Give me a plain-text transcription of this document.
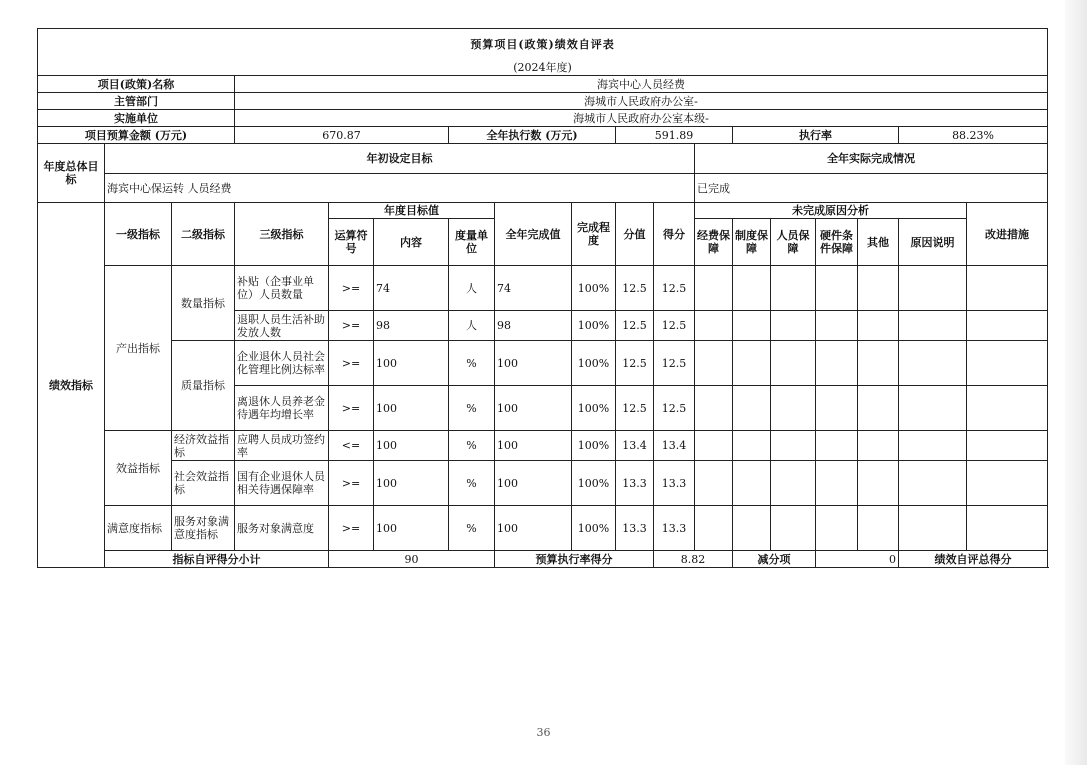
预算项目(政策)绩效自评表																		
(2024年度)																		
项目(政策)名称			海宾中心人员经费															
主管部门			海城市人民政府办公室-															
实施单位			海城市人民政府办公室本级-															
项目预算金额 (万元)			670.87			全年执行数 (万元)			591.89			执行率				88.23%		
年度总体目标	年初设定目标										全年实际完成情况							
	海宾中心保运转 人员经费										已完成							
绩效指标	一级指标	二级指标	三级指标	年度目标值			全年完成值	完成程度	分值	得分	未完成原因分析						改进措施	
				运算符号	内容	度量单位					经费保障	制度保障	人员保障	硬件条件保障	其他	原因说明		
	产出指标	数量指标	补贴（企事业单位）人员数量	>=	74	人	74	100%	12.5	12.5								
			退职人员生活补助发放人数	>=	98	人	98	100%	12.5	12.5								
		质量指标	企业退休人员社会化管理比例达标率	>=	100	%	100	100%	12.5	12.5								
			离退休人员养老金待遇年均增长率	>=	100	%	100	100%	12.5	12.5								
	效益指标	经济效益指标	应聘人员成功签约率	<=	100	%	100	100%	13.4	13.4								
		社会效益指标	国有企业退休人员相关待遇保障率	>=	100	%	100	100%	13.3	13.3								
	满意度指标	服务对象满意度指标	服务对象满意度	>=	100	%	100	100%	13.3	13.3								
	指标自评得分小计			90			预算执行率得分			8.82		减分项		0		绩效自评总得分	
36
